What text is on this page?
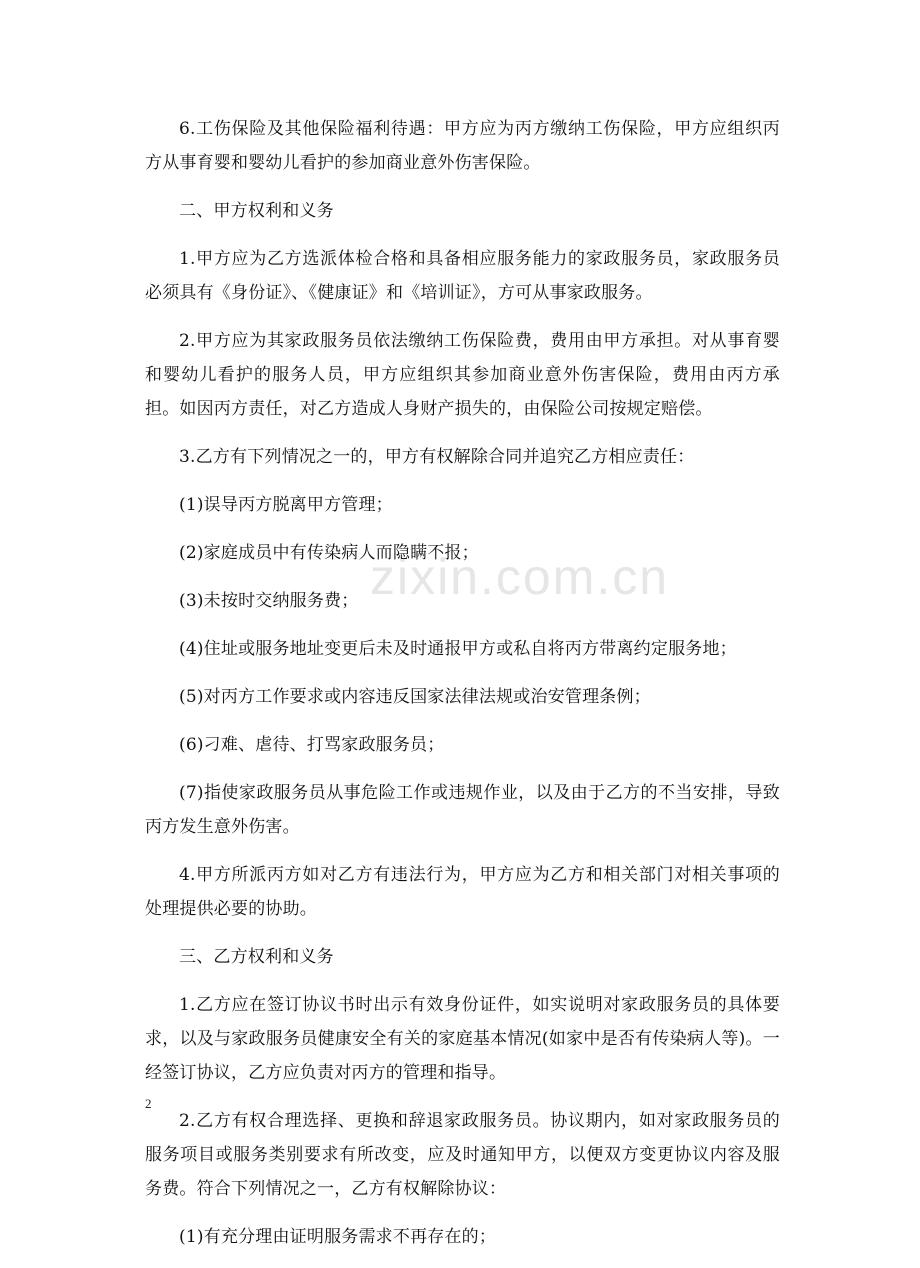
zixin.com.cn

6.工伤保险及其他保险福利待遇：甲方应为丙方缴纳工伤保险，甲方应组织丙方从事育婴和婴幼儿看护的参加商业意外伤害保险。

二、甲方权利和义务

1.甲方应为乙方选派体检合格和具备相应服务能力的家政服务员，家政服务员必须具有《身份证》、《健康证》和《培训证》，方可从事家政服务。

2.甲方应为其家政服务员依法缴纳工伤保险费，费用由甲方承担。对从事育婴和婴幼儿看护的服务人员，甲方应组织其参加商业意外伤害保险，费用由丙方承担。如因丙方责任，对乙方造成人身财产损失的，由保险公司按规定赔偿。

3.乙方有下列情况之一的，甲方有权解除合同并追究乙方相应责任：

(1)误导丙方脱离甲方管理；

(2)家庭成员中有传染病人而隐瞒不报；

(3)未按时交纳服务费；

(4)住址或服务地址变更后未及时通报甲方或私自将丙方带离约定服务地；

(5)对丙方工作要求或内容违反国家法律法规或治安管理条例；

(6)刁难、虐待、打骂家政服务员；

(7)指使家政服务员从事危险工作或违规作业，以及由于乙方的不当安排，导致丙方发生意外伤害。

4.甲方所派丙方如对乙方有违法行为，甲方应为乙方和相关部门对相关事项的处理提供必要的协助。

三、乙方权利和义务

1.乙方应在签订协议书时出示有效身份证件，如实说明对家政服务员的具体要求，以及与家政服务员健康安全有关的家庭基本情况(如家中是否有传染病人等)。一经签订协议，乙方应负责对丙方的管理和指导。

2.乙方有权合理选择、更换和辞退家政服务员。协议期内，如对家政服务员的服务项目或服务类别要求有所改变，应及时通知甲方，以便双方变更协议内容及服务费。符合下列情况之一，乙方有权解除协议：

(1)有充分理由证明服务需求不再存在的；

2
